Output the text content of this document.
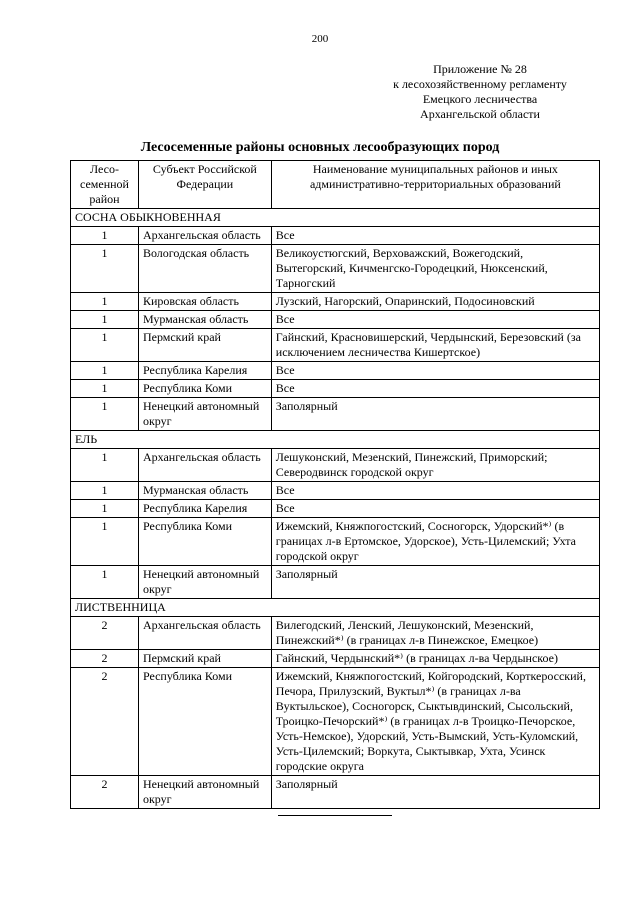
200
Приложение № 28
к лесохозяйственному регламенту
Емецкого лесничества
Архангельской области
Лесосеменные районы основных лесообразующих пород
Лесо- семенной район	Субъект Российской Федерации	Наименование муниципальных районов и иных административно-территориальных образований
СОСНА ОБЫКНОВЕННАЯ		
1	Архангельская область	Все
1	Вологодская область	Великоустюгский, Верховажский, Вожегодский, Вытегорский, Кичменгско-Городецкий, Нюксенский, Тарногский
1	Кировская область	Лузский, Нагорский, Опаринский, Подосиновский
1	Мурманская область	Все
1	Пермский край	Гайнский, Красновишерский, Чердынский, Березовский (за исключением лесничества Кишертское)
1	Республика Карелия	Все
1	Республика Коми	Все
1	Ненецкий автономный округ	Заполярный
ЕЛЬ		
1	Архангельская область	Лешуконский, Мезенский, Пинежский, Приморский; Северодвинск городской округ
1	Мурманская область	Все
1	Республика Карелия	Все
1	Республика Коми	Ижемский, Княжпогостский, Сосногорск, Удорский*⁾ (в границах л-в Ертомское, Удорское), Усть-Цилемский; Ухта городской округ
1	Ненецкий автономный округ	Заполярный
ЛИСТВЕННИЦА		
2	Архангельская область	Вилегодский, Ленский, Лешуконский, Мезенский, Пинежский*⁾ (в границах л-в Пинежское, Емецкое)
2	Пермский край	Гайнский, Чердынский*⁾ (в границах л-ва Чердынское)
2	Республика Коми	Ижемский, Княжпогостский, Койгородский, Корткеросский, Печора, Прилузский, Вуктыл*⁾ (в границах л-ва Вуктыльское), Сосногорск, Сыктывдинский, Сысольский, Троицко-Печорский*⁾ (в границах л-в Троицко-Печорское, Усть-Немское), Удорский, Усть-Вымский, Усть-Куломский, Усть-Цилемский; Воркута, Сыктывкар, Ухта, Усинск городские округа
2	Ненецкий автономный округ	Заполярный
